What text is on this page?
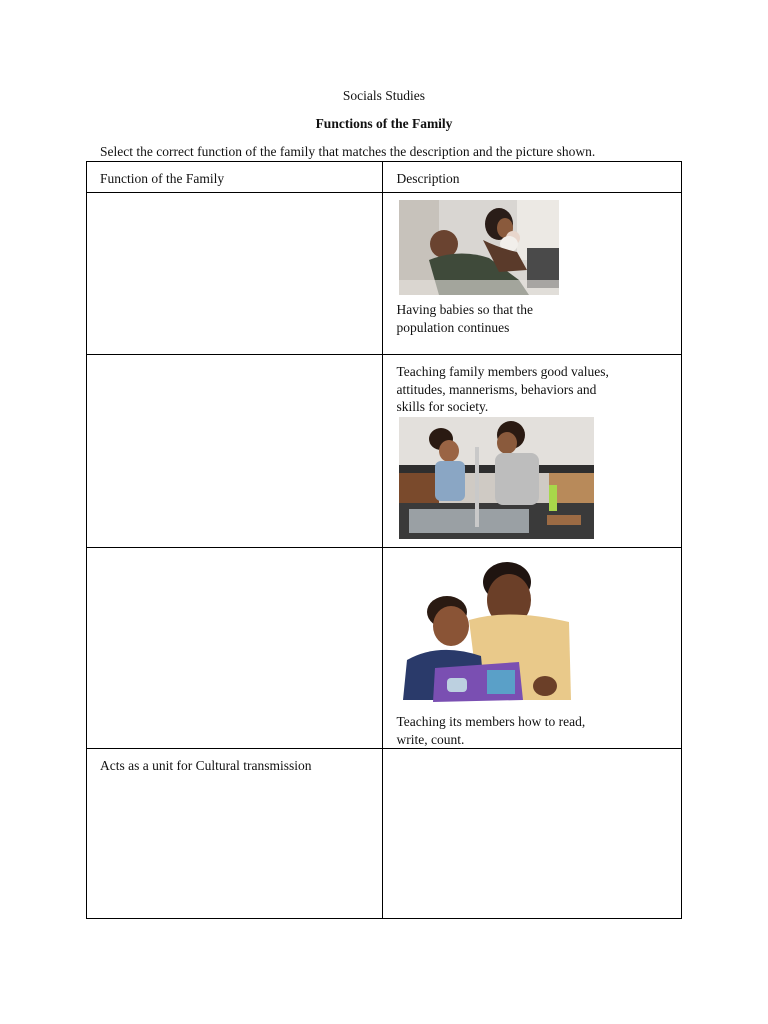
Socials Studies
Functions of the Family
Select the correct function of the family that matches the description and the picture shown.
Function of the Family	Description

	Having babies so that the
population continues

	Teaching family members good values,
attitudes, mannerisms, behaviors and
skills for society.

	Teaching its members how to read,
write, count.

Acts as a unit for Cultural transmission	
